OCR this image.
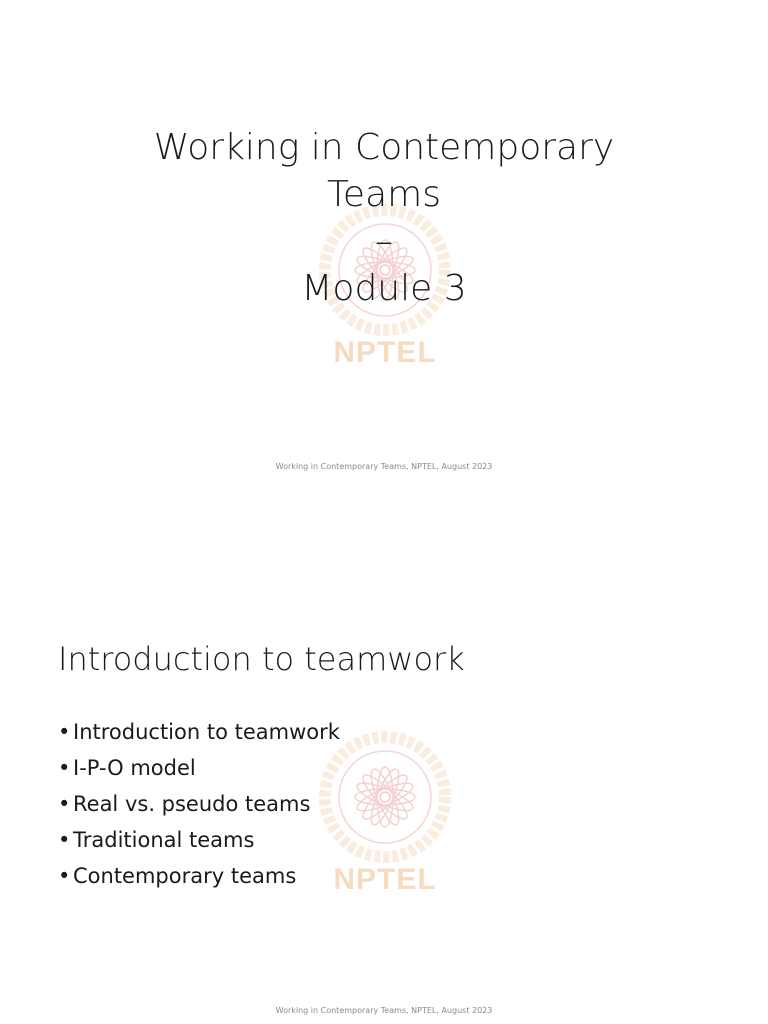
NPTEL
Working in Contemporary
Teams
–
Module 3
Working in Contemporary Teams, NPTEL, August 2023
NPTEL
Introduction to teamwork
• Introduction to teamwork
• I-P-O model
• Real vs. pseudo teams
• Traditional teams
• Contemporary teams
Working in Contemporary Teams, NPTEL, August 2023
